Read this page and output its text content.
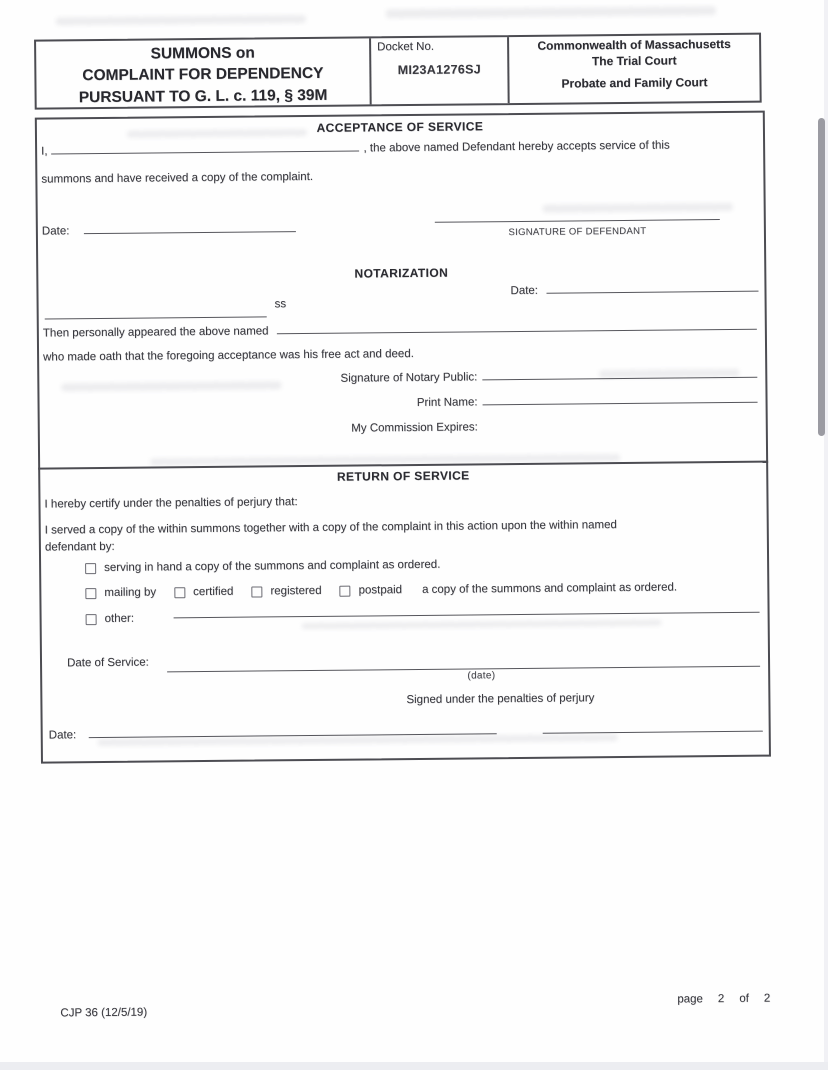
SUMMONS on
COMPLAINT FOR DEPENDENCY
PURSUANT TO G. L. c. 119, § 39M
Docket No.
MI23A1276SJ
Commonwealth of Massachusetts
The Trial Court
Probate and Family Court
ACCEPTANCE OF SERVICE
I,	, the above named Defendant hereby accepts service of this
summons and have received a copy of the complaint.
Date:	SIGNATURE OF DEFENDANT
NOTARIZATION
Date:
ss
Then personally appeared the above named
who made oath that the foregoing acceptance was his free act and deed.
Signature of Notary Public:
Print Name:
My Commission Expires:
RETURN OF SERVICE
I hereby certify under the penalties of perjury that:
I served a copy of the within summons together with a copy of the complaint in this action upon the within named
defendant by:
serving in hand a copy of the summons and complaint as ordered.
mailing by	certified	registered	postpaid a copy of the summons and complaint as ordered.
other:
Date of Service:
(date)
Signed under the penalties of perjury
Date:
CJP 36 (12/5/19)
page 2 of 2
